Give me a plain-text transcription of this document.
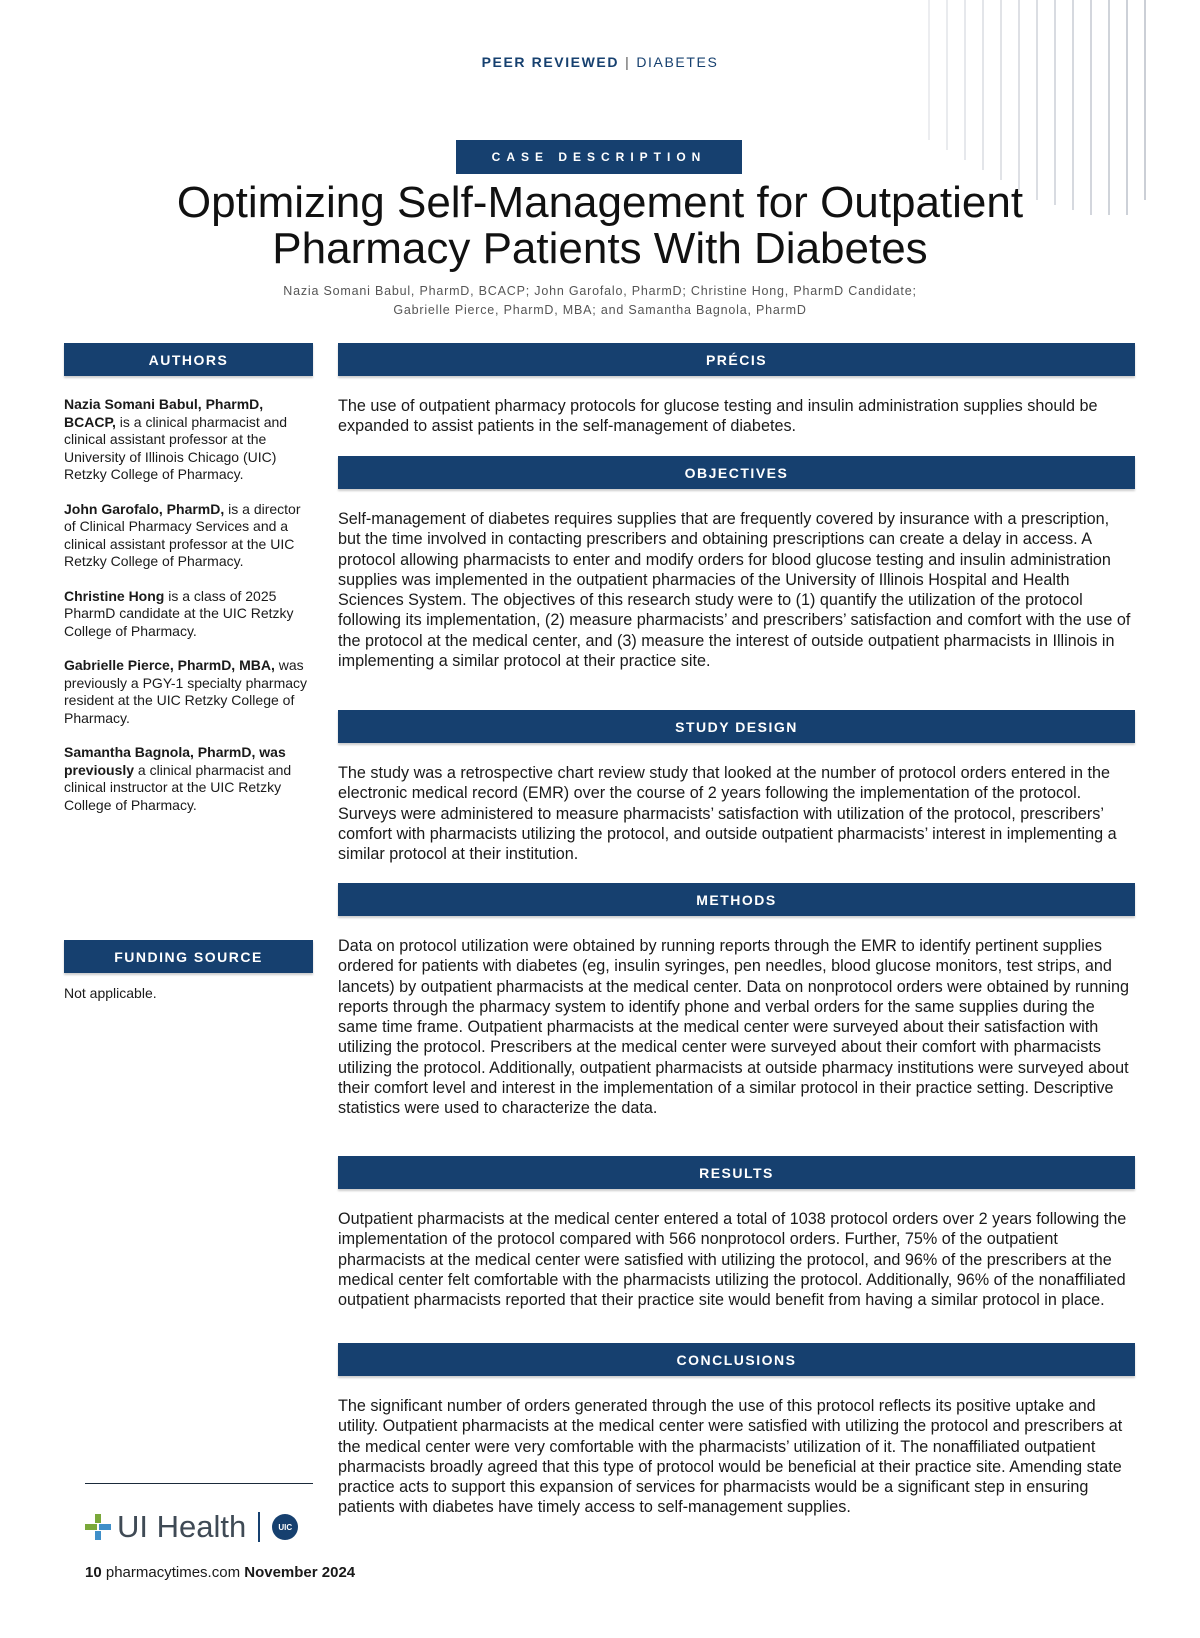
PEER REVIEWED | DIABETES
CASE DESCRIPTION
Optimizing Self-Management for Outpatient
Pharmacy Patients With Diabetes
Nazia Somani Babul, PharmD, BCACP; John Garofalo, PharmD; Christine Hong, PharmD Candidate;
Gabrielle Pierce, PharmD, MBA; and Samantha Bagnola, PharmD
AUTHORS
Nazia Somani Babul, PharmD, BCACP, is a clinical pharmacist and clinical assistant professor at the University of Illinois Chicago (UIC) Retzky College of Pharmacy.
John Garofalo, PharmD, is a director of Clinical Pharmacy Services and a clinical assistant professor at the UIC Retzky College of Pharmacy.
Christine Hong is a class of 2025 PharmD candidate at the UIC Retzky College of Pharmacy.
Gabrielle Pierce, PharmD, MBA, was previously a PGY-1 specialty pharmacy resident at the UIC Retzky College of Pharmacy.
Samantha Bagnola, PharmD, was previously a clinical pharmacist and clinical instructor at the UIC Retzky College of Pharmacy.
FUNDING SOURCE
Not applicable.
PRÉCIS
The use of outpatient pharmacy protocols for glucose testing and insulin administration supplies should be expanded to assist patients in the self-management of diabetes.
OBJECTIVES
Self-management of diabetes requires supplies that are frequently covered by insurance with a prescription, but the time involved in contacting prescribers and obtaining prescriptions can create a delay in access. A protocol allowing pharmacists to enter and modify orders for blood glucose testing and insulin administration supplies was implemented in the outpatient pharmacies of the University of Illinois Hospital and Health Sciences System. The objectives of this research study were to (1) quantify the utilization of the protocol following its implementation, (2) measure pharmacists’ and prescribers’ satisfaction and comfort with the use of the protocol at the medical center, and (3) measure the interest of outside outpatient pharmacists in Illinois in implementing a similar protocol at their practice site.
STUDY DESIGN
The study was a retrospective chart review study that looked at the number of protocol orders entered in the electronic medical record (EMR) over the course of 2 years following the implementation of the protocol. Surveys were administered to measure pharmacists’ satisfaction with utilization of the protocol, prescribers’ comfort with pharmacists utilizing the protocol, and outside outpatient pharmacists’ interest in implementing a similar protocol at their institution.
METHODS
Data on protocol utilization were obtained by running reports through the EMR to identify pertinent supplies ordered for patients with diabetes (eg, insulin syringes, pen needles, blood glucose monitors, test strips, and lancets) by outpatient pharmacists at the medical center. Data on nonprotocol orders were obtained by running reports through the pharmacy system to identify phone and verbal orders for the same supplies during the same time frame. Outpatient pharmacists at the medical center were surveyed about their satisfaction with utilizing the protocol. Prescribers at the medical center were surveyed about their comfort with pharmacists utilizing the protocol. Additionally, outpatient pharmacists at outside pharmacy institutions were surveyed about their comfort level and interest in the implementation of a similar protocol in their practice setting. Descriptive statistics were used to characterize the data.
RESULTS
Outpatient pharmacists at the medical center entered a total of 1038 protocol orders over 2 years following the implementation of the protocol compared with 566 nonprotocol orders. Further, 75% of the outpatient pharmacists at the medical center were satisfied with utilizing the protocol, and 96% of the prescribers at the medical center felt comfortable with the pharmacists utilizing the protocol. Additionally, 96% of the nonaffiliated outpatient pharmacists reported that their practice site would benefit from having a similar protocol in place.
CONCLUSIONS
The significant number of orders generated through the use of this protocol reflects its positive uptake and utility. Outpatient pharmacists at the medical center were satisfied with utilizing the protocol and prescribers at the medical center were very comfortable with the pharmacists’ utilization of it. The nonaffiliated outpatient pharmacists broadly agreed that this type of protocol would be beneficial at their practice site. Amending state practice acts to support this expansion of services for pharmacists would be a significant step in ensuring patients with diabetes have timely access to self-management supplies.
UI Health	UIC
10 pharmacytimes.com November 2024
